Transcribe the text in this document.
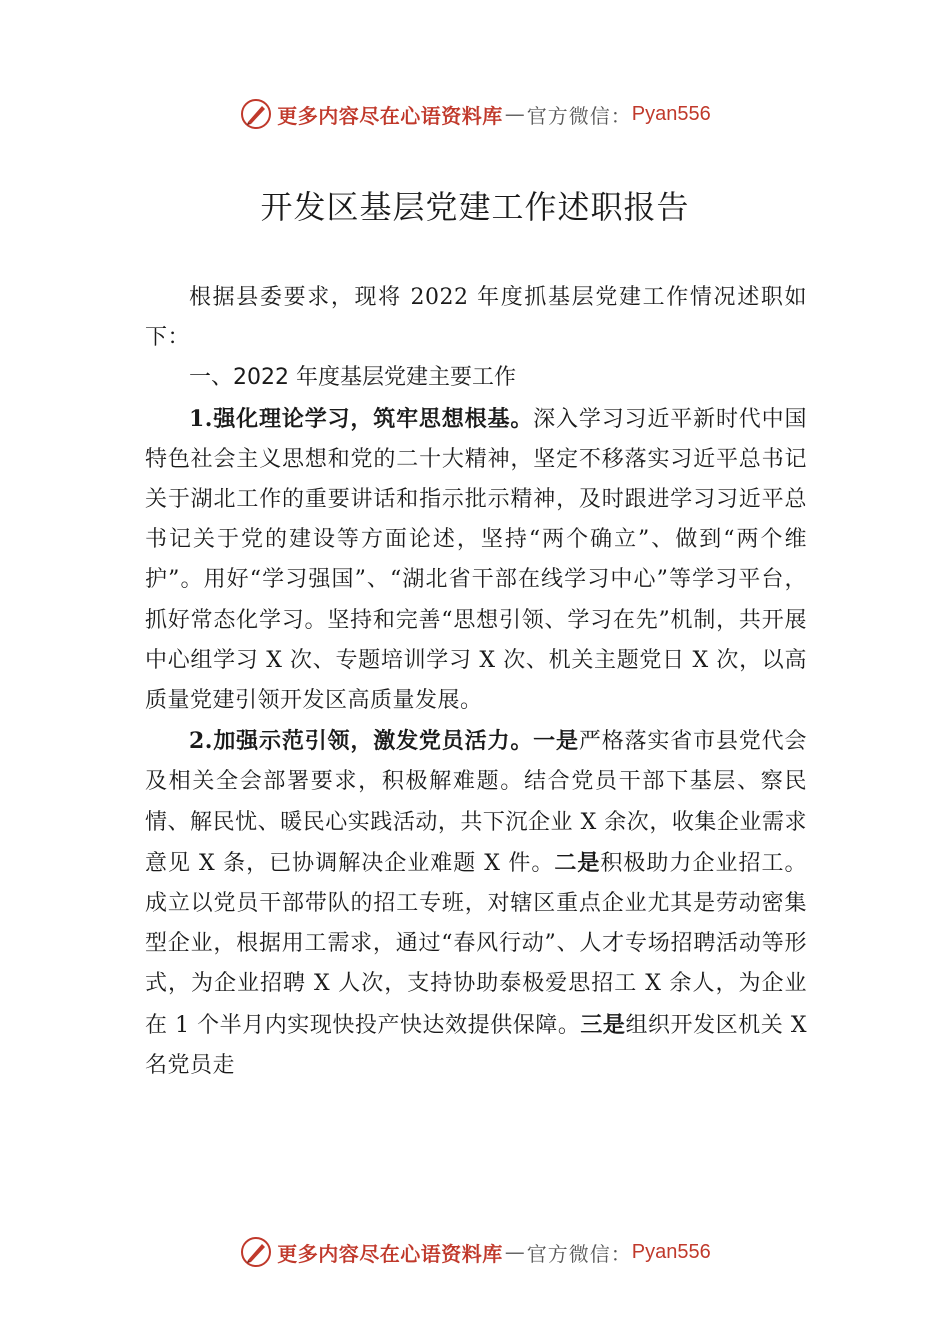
更多内容尽在心语资料库 — 官方微信： Pyan556
开发区基层党建工作述职报告

根据县委要求，现将 2022 年度抓基层党建工作情况述职如下：

一、2022 年度基层党建主要工作

1.强化理论学习，筑牢思想根基。深入学习习近平新时代中国特色社会主义思想和党的二十大精神，坚定不移落实习近平总书记关于湖北工作的重要讲话和指示批示精神，及时跟进学习习近平总书记关于党的建设等方面论述，坚持“两个确立”、做到“两个维护”。用好“学习强国”、“湖北省干部在线学习中心”等学习平台，抓好常态化学习。坚持和完善“思想引领、学习在先”机制，共开展中心组学习 X 次、专题培训学习 X 次、机关主题党日 X 次，以高质量党建引领开发区高质量发展。

2.加强示范引领，激发党员活力。一是严格落实省市县党代会及相关全会部署要求，积极解难题。结合党员干部下基层、察民情、解民忧、暖民心实践活动，共下沉企业 X 余次，收集企业需求意见 X 条，已协调解决企业难题 X 件。二是积极助力企业招工。成立以党员干部带队的招工专班，对辖区重点企业尤其是劳动密集型企业，根据用工需求，通过“春风行动”、人才专场招聘活动等形式，为企业招聘 X 人次，支持协助泰极爱思招工 X 余人，为企业在 1 个半月内实现快投产快达效提供保障。三是组织开发区机关 X 名党员走

更多内容尽在心语资料库 — 官方微信： Pyan556
